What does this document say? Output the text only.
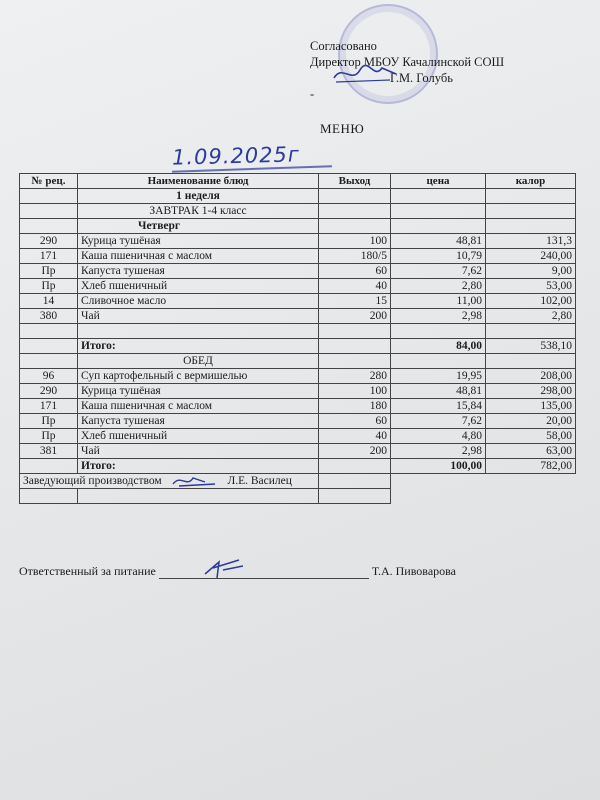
Согласовано
Директор МБОУ Качалинской СОШ
Г.М. Голубь
-
МЕНЮ
1.09.2025г
№ рец.	Наименование блюд	Выход	цена	калор
	1 неделя			
	ЗАВТРАК 1-4 класс			
	Четверг			
290	Курица тушёная	100	48,81	131,3
171	Каша пшеничная с маслом	180/5	10,79	240,00
Пр	Капуста тушеная	60	7,62	9,00
Пр	Хлеб пшеничный	40	2,80	53,00
14	Сливочное масло	15	11,00	102,00
380	Чай	200	2,98	2,80

	Итого:		84,00	538,10
	ОБЕД			
96	Суп картофельный с вермишелью	280	19,95	208,00
290	Курица тушёная	100	48,81	298,00
171	Каша пшеничная с маслом	180	15,84	135,00
Пр	Капуста тушеная	60	7,62	20,00
Пр	Хлеб пшеничный	40	4,80	58,00
381	Чай	200	2,98	63,00
	Итого:		100,00	782,00
Заведующий производством Л.Е. Василец				

Ответственный за питание	Т.А. Пивоварова
